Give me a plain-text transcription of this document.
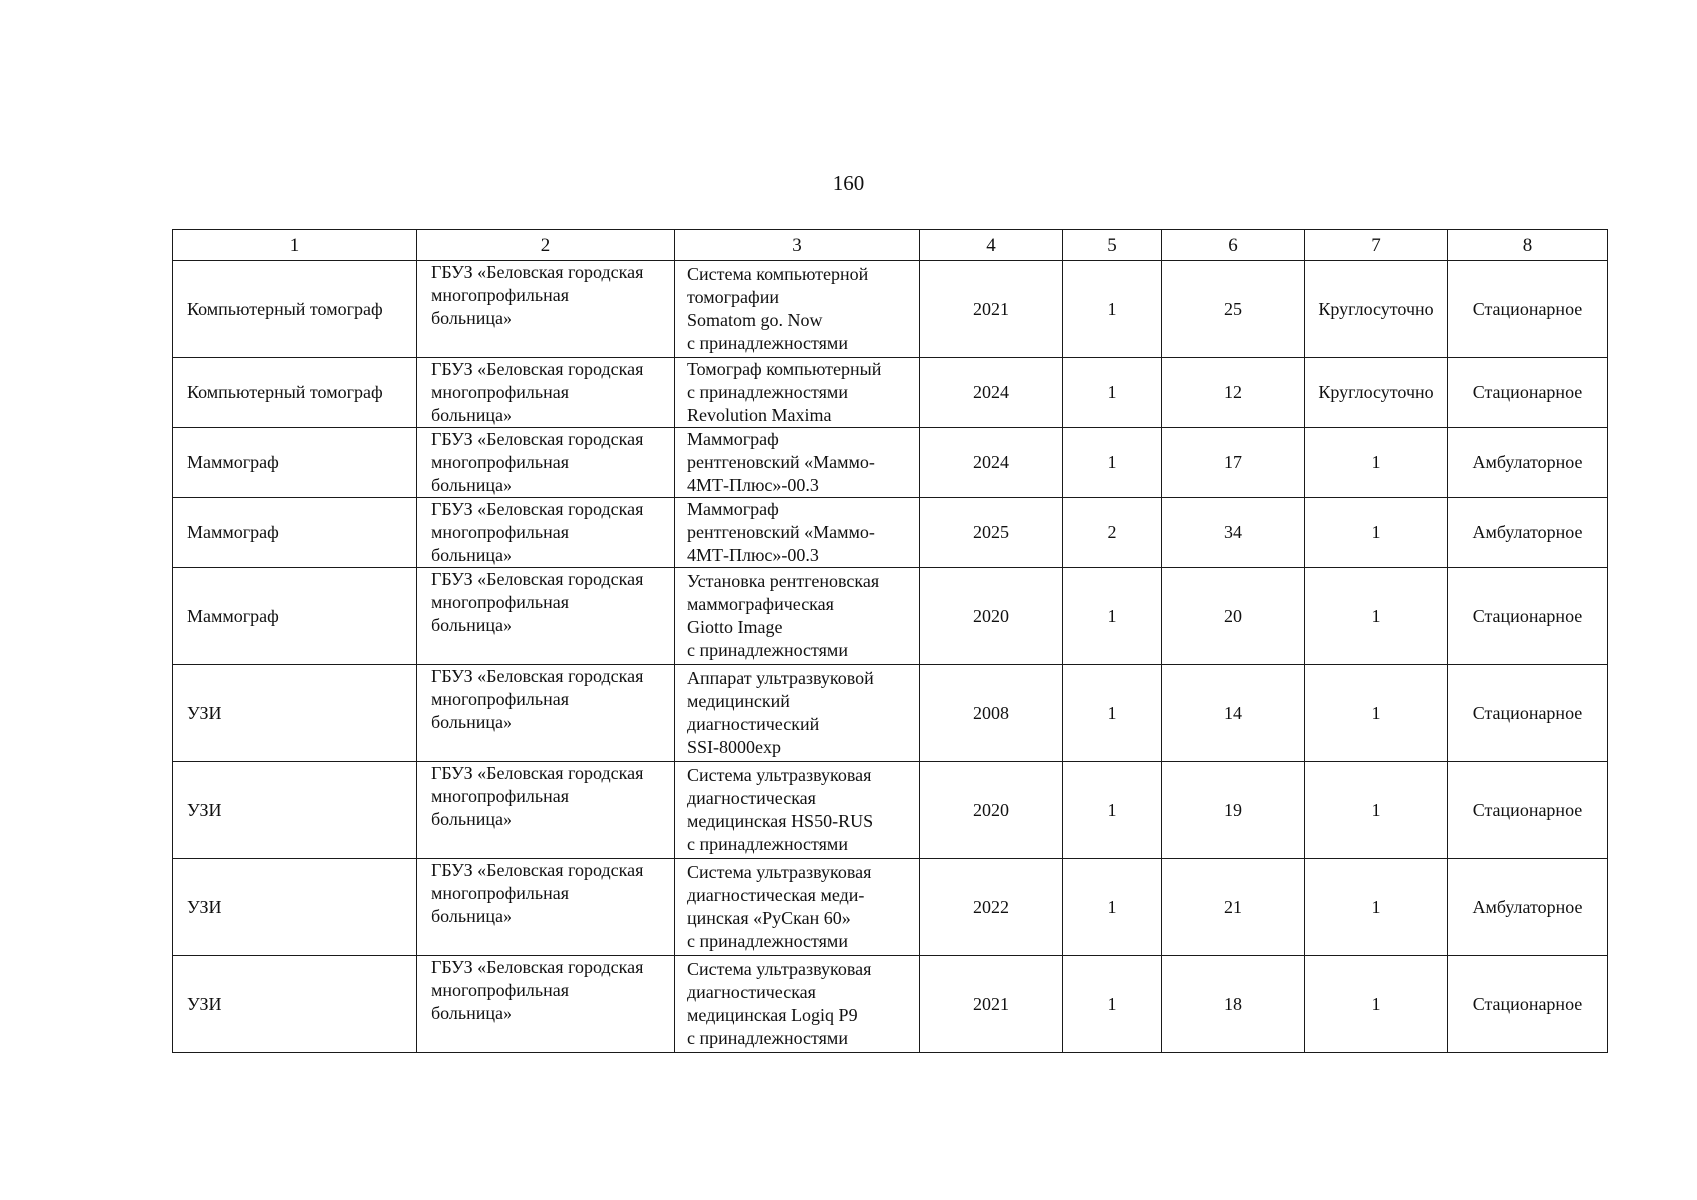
160
1	2	3	4	5	6	7	8
Компьютерный томограф	ГБУЗ «Беловская городская
многопрофильная
больница»	Система компьютерной
томографии
Somatom go. Now
с принадлежностями	2021	1	25	Круглосуточно	Стационарное
Компьютерный томограф	ГБУЗ «Беловская городская
многопрофильная
больница»	Томограф компьютерный
с принадлежностями
Revolution Maxima	2024	1	12	Круглосуточно	Стационарное
Маммограф	ГБУЗ «Беловская городская
многопрофильная
больница»	Маммограф
рентгеновский «Маммо-
4МТ-Плюс»-00.3	2024	1	17	1	Амбулаторное
Маммограф	ГБУЗ «Беловская городская
многопрофильная
больница»	Маммограф
рентгеновский «Маммо-
4МТ-Плюс»-00.3	2025	2	34	1	Амбулаторное
Маммограф	ГБУЗ «Беловская городская
многопрофильная
больница»	Установка рентгеновская
маммографическая
Giotto Image
с принадлежностями	2020	1	20	1	Стационарное
УЗИ	ГБУЗ «Беловская городская
многопрофильная
больница»	Аппарат ультразвуковой
медицинский
диагностический
SSI-8000exp	2008	1	14	1	Стационарное
УЗИ	ГБУЗ «Беловская городская
многопрофильная
больница»	Система ультразвуковая
диагностическая
медицинская HS50-RUS
с принадлежностями	2020	1	19	1	Стационарное
УЗИ	ГБУЗ «Беловская городская
многопрофильная
больница»	Система ультразвуковая
диагностическая меди-
цинская «РуСкан 60»
с принадлежностями	2022	1	21	1	Амбулаторное
УЗИ	ГБУЗ «Беловская городская
многопрофильная
больница»	Система ультразвуковая
диагностическая
медицинская Logiq P9
с принадлежностями	2021	1	18	1	Стационарное
